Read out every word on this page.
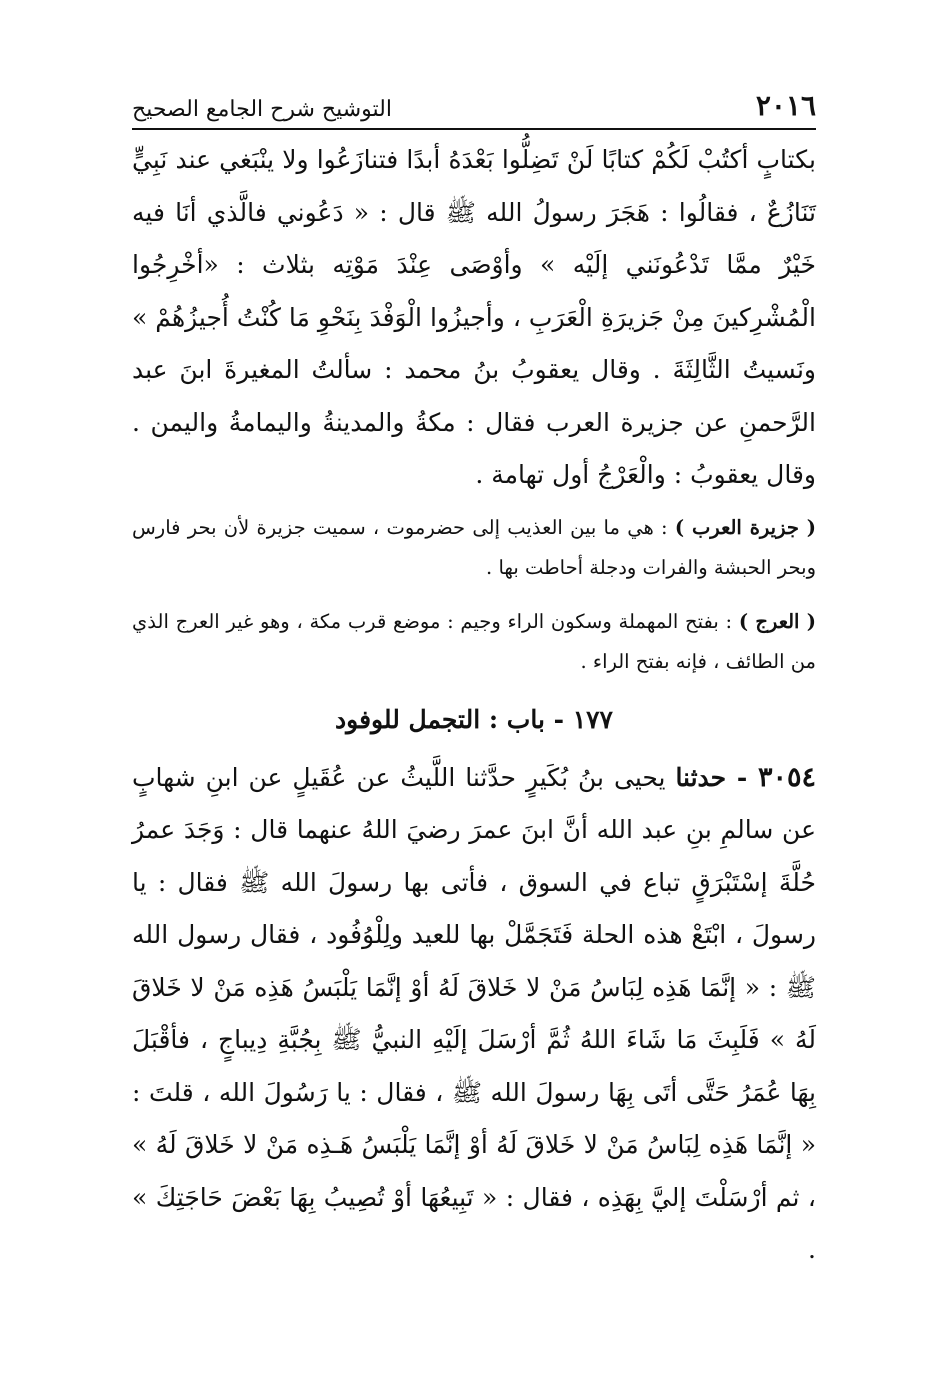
٢٠١٦
التوشيح شرح الجامع الصحيح

بكتابٍ أكتُبْ لَكُمْ كتابًا لَنْ تَضِلُّوا بَعْدَهُ أبدًا فتنازَعُوا ولا ينْبَغي عند نَبِيٍّ تَنَازُعٌ ، فقالُوا : هَجَرَ رسولُ الله ﷺ قال : « دَعُوني فالَّذي أنَا فيه خَيْرٌ ممَّا تَدْعُونَني إلَيْه » وأوْصَى عِنْدَ مَوْتِه بثلاث : «أخْرِجُوا الْمُشْرِكينَ مِنْ جَزيرَةِ الْعَرَبِ ، وأجيزُوا الْوَفْدَ بِنَحْوِ مَا كُنْتُ أُجيزُهُمْ » ونَسيتُ الثَّالِثَةَ . وقال يعقوبُ بنُ محمد : سألتُ المغيرةَ ابنَ عبد الرَّحمنِ عن جزيرة العرب فقال : مكةُ والمدينةُ واليمامةُ واليمن . وقال يعقوبُ : والْعَرْجُ أول تهامة .

( جزيرة العرب ) : هي ما بين العذيب إلى حضرموت ، سميت جزيرة لأن بحر فارس وبحر الحبشة والفرات ودجلة أحاطت بها .

( العرج ) : بفتح المهملة وسكون الراء وجيم : موضع قرب مكة ، وهو غير العرج الذي من الطائف ، فإنه بفتح الراء .

١٧٧ - باب : التجمل للوفود

٣٠٥٤ - حدثنا يحيى بنُ بُكَيرٍ حدَّثنا اللَّيثُ عن عُقَيلٍ عن ابنِ شهابٍ عن سالمِ بنِ عبد الله أنَّ ابنَ عمرَ رضيَ اللهُ عنهما قال : وَجَدَ عمرُ حُلَّةَ إسْتَبْرَقٍ تباع في السوق ، فأتى بها رسولَ الله ﷺ فقال : يا رسولَ ، ابْتَعْ هذه الحلة فَتَجَمَّلْ بها للعيد ولِلْوُفُود ، فقال رسول الله ﷺ : « إنَّمَا هَذِه لِبَاسُ مَنْ لا خَلاقَ لَهُ أوْ إنَّمَا يَلْبَسُ هَذِه مَنْ لا خَلاقَ لَهُ » فَلَبِثَ مَا شَاءَ اللهُ ثُمَّ أرْسَلَ إلَيْهِ النبيُّ ﷺ بِجُبَّةِ دِيباجٍ ، فأقْبَلَ بِهَا عُمَرُ حَتَّى أتَى بِهَا رسولَ الله ﷺ ، فقال : يا رَسُولَ الله ، قلتَ : « إنَّمَا هَذِه لِبَاسُ مَنْ لا خَلاقَ لَهُ أوْ إنَّمَا يَلْبَسُ هَـذِه مَنْ لا خَلاقَ لَهُ » ، ثم أرْسَلْتَ إليَّ بِهَذِه ، فقال : « تَبِيعُهَا أوْ تُصِيبُ بِهَا بَعْضَ حَاجَتِكَ » .
